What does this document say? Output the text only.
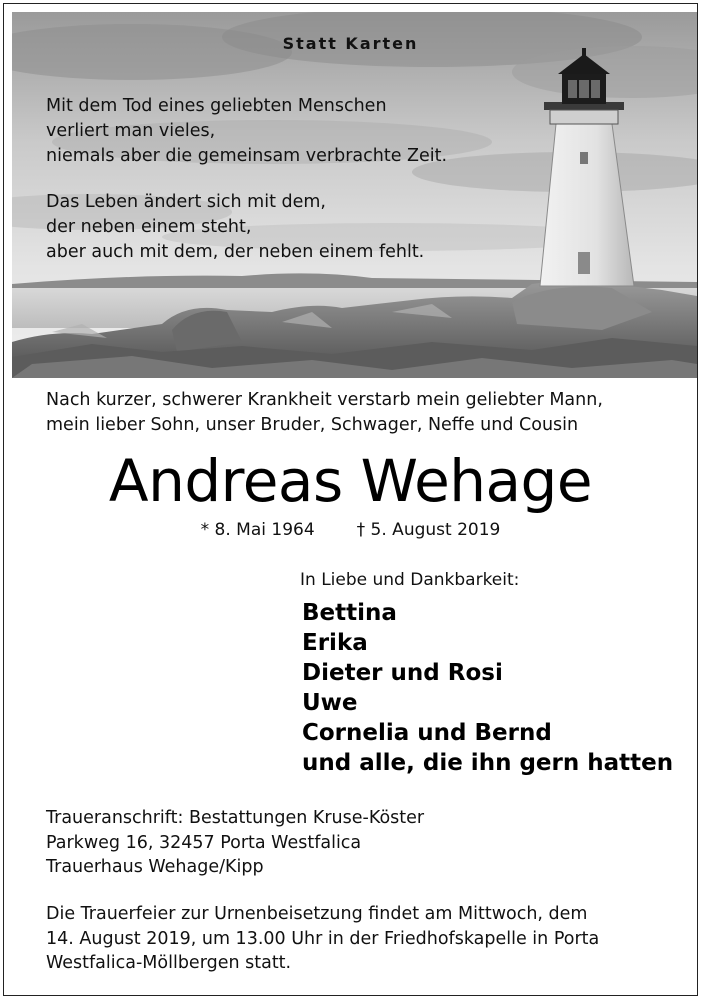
Statt Karten

Mit dem Tod eines geliebten Menschen
verliert man vieles,
niemals aber die gemeinsam verbrachte Zeit.

Das Leben ändert sich mit dem,
der neben einem steht,
aber auch mit dem, der neben einem fehlt.

Nach kurzer, schwerer Krankheit verstarb mein geliebter Mann,
mein lieber Sohn, unser Bruder, Schwager, Neffe und Cousin
Andreas Wehage
* 8. Mai 1964 † 5. August 2019
In Liebe und Dankbarkeit:
Bettina
Erika
Dieter und Rosi
Uwe
Cornelia und Bernd
und alle, die ihn gern hatten
Traueranschrift: Bestattungen Kruse-Köster
Parkweg 16, 32457 Porta Westfalica
Trauerhaus Wehage/Kipp
Die Trauerfeier zur Urnenbeisetzung findet am Mittwoch, dem
14. August 2019, um 13.00 Uhr in der Friedhofskapelle in Porta
Westfalica-Möllbergen statt.
